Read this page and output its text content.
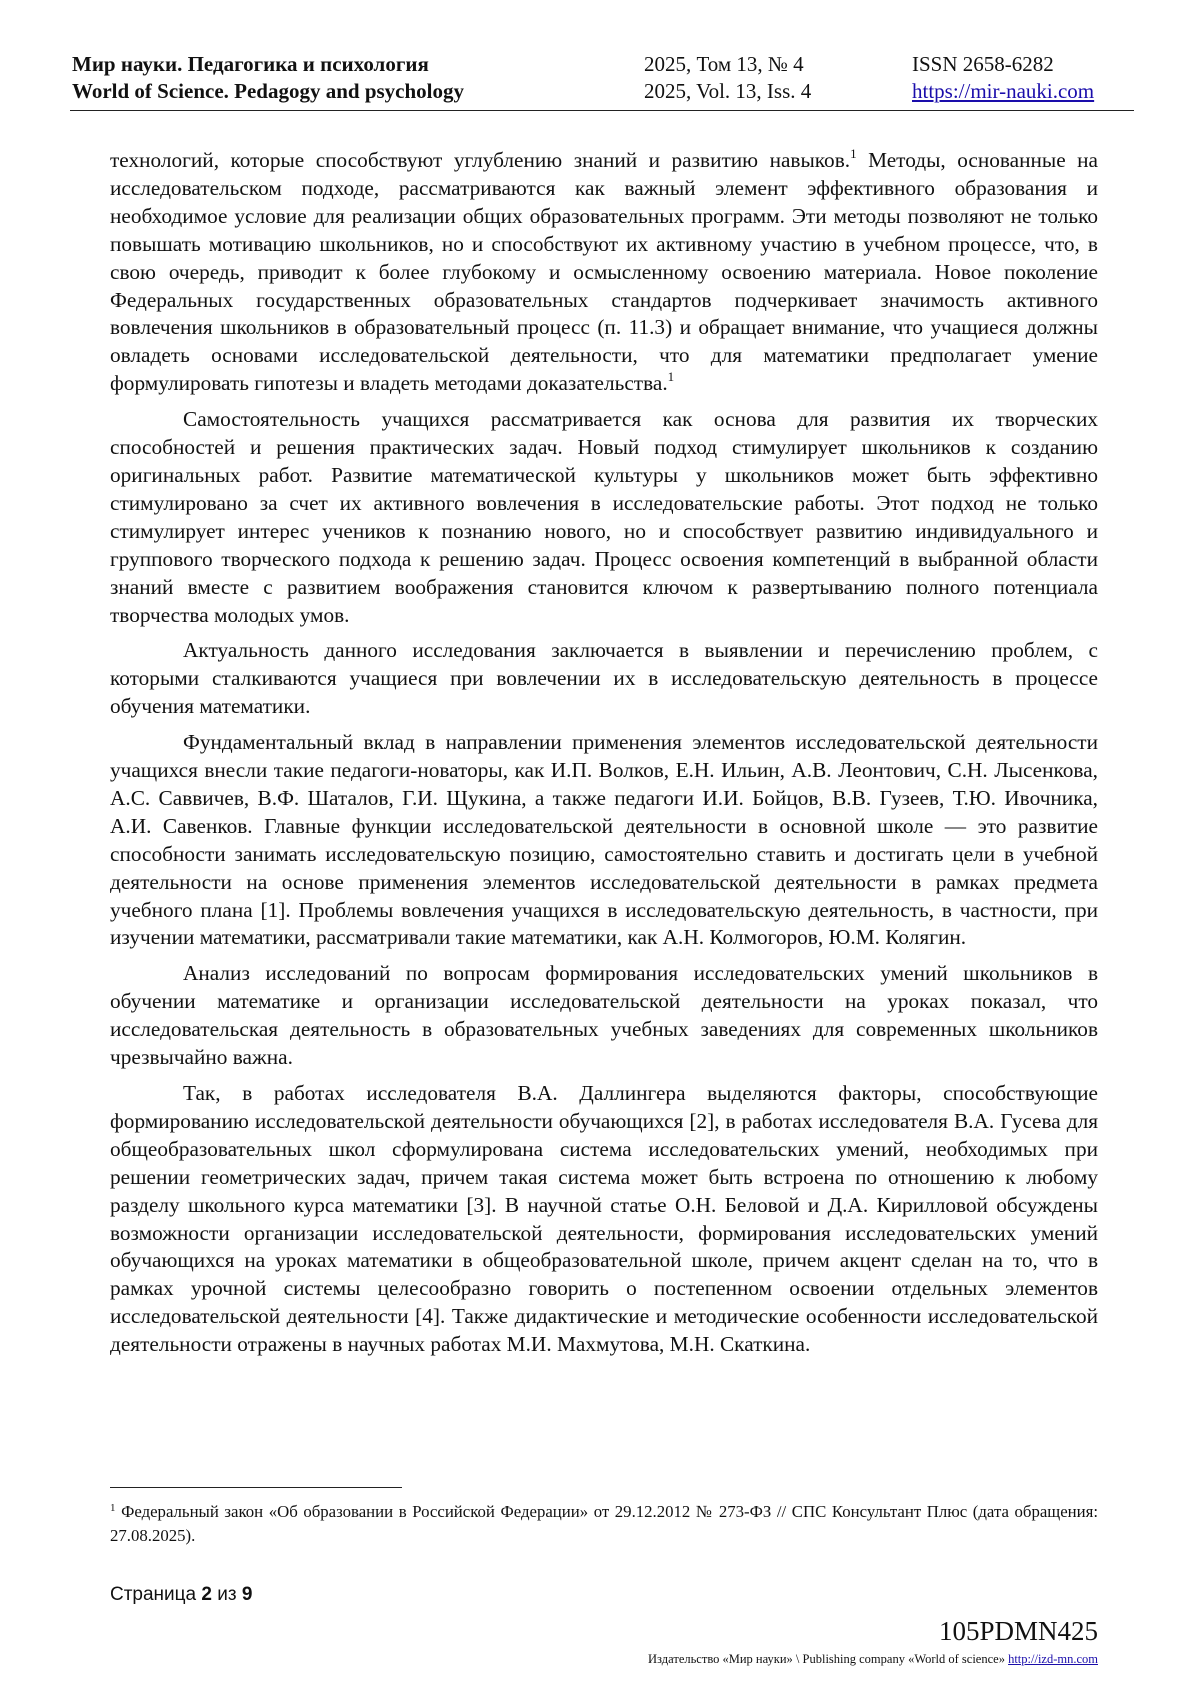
Мир науки. Педагогика и психология
World of Science. Pedagogy and psychology
2025, Том 13, № 4
2025, Vol. 13, Iss. 4
ISSN 2658-6282
https://mir-nauki.com

технологий, которые способствуют углублению знаний и развитию навыков.$^1$ Методы, основанные на исследовательском подходе, рассматриваются как важный элемент эффективного образования и необходимое условие для реализации общих образовательных программ. Эти методы позволяют не только повышать мотивацию школьников, но и способствуют их активному участию в учебном процессе, что, в свою очередь, приводит к более глубокому и осмысленному освоению материала. Новое поколение Федеральных государственных образовательных стандартов подчеркивает значимость активного вовлечения школьников в образовательный процесс (п. 11.3) и обращает внимание, что учащиеся должны овладеть основами исследовательской деятельности, что для математики предполагает умение формулировать гипотезы и владеть методами доказательства.$^1$

Самостоятельность учащихся рассматривается как основа для развития их творческих способностей и решения практических задач. Новый подход стимулирует школьников к созданию оригинальных работ. Развитие математической культуры у школьников может быть эффективно стимулировано за счет их активного вовлечения в исследовательские работы. Этот подход не только стимулирует интерес учеников к познанию нового, но и способствует развитию индивидуального и группового творческого подхода к решению задач. Процесс освоения компетенций в выбранной области знаний вместе с развитием воображения становится ключом к развертыванию полного потенциала творчества молодых умов.

Актуальность данного исследования заключается в выявлении и перечислению проблем, с которыми сталкиваются учащиеся при вовлечении их в исследовательскую деятельность в процессе обучения математики.

Фундаментальный вклад в направлении применения элементов исследовательской деятельности учащихся внесли такие педагоги-новаторы, как И.П. Волков, Е.Н. Ильин, А.В. Леонтович, С.Н. Лысенкова, А.С. Саввичев, В.Ф. Шаталов, Г.И. Щукина, а также педагоги И.И. Бойцов, В.В. Гузеев, Т.Ю. Ивочника, А.И. Савенков. Главные функции исследовательской деятельности в основной школе — это развитие способности занимать исследовательскую позицию, самостоятельно ставить и достигать цели в учебной деятельности на основе применения элементов исследовательской деятельности в рамках предмета учебного плана [1]. Проблемы вовлечения учащихся в исследовательскую деятельность, в частности, при изучении математики, рассматривали такие математики, как А.Н. Колмогоров, Ю.М. Колягин.

Анализ исследований по вопросам формирования исследовательских умений школьников в обучении математике и организации исследовательской деятельности на уроках показал, что исследовательская деятельность в образовательных учебных заведениях для современных школьников чрезвычайно важна.

Так, в работах исследователя В.А. Даллингера выделяются факторы, способствующие формированию исследовательской деятельности обучающихся [2], в работах исследователя В.А. Гусева для общеобразовательных школ сформулирована система исследовательских умений, необходимых при решении геометрических задач, причем такая система может быть встроена по отношению к любому разделу школьного курса математики [3]. В научной статье О.Н. Беловой и Д.А. Кирилловой обсуждены возможности организации исследовательской деятельности, формирования исследовательских умений обучающихся на уроках математики в общеобразовательной школе, причем акцент сделан на то, что в рамках урочной системы целесообразно говорить о постепенном освоении отдельных элементов исследовательской деятельности [4]. Также дидактические и методические особенности исследовательской деятельности отражены в научных работах М.И. Махмутова, М.Н. Скаткина.

$^1$ Федеральный закон «Об образовании в Российской Федерации» от 29.12.2012 № 273-ФЗ // СПС Консультант Плюс (дата обращения: 27.08.2025).
Страница 2 из 9
105PDMN425
Издательство «Мир науки» \ Publishing company «World of science» http://izd-mn.com
